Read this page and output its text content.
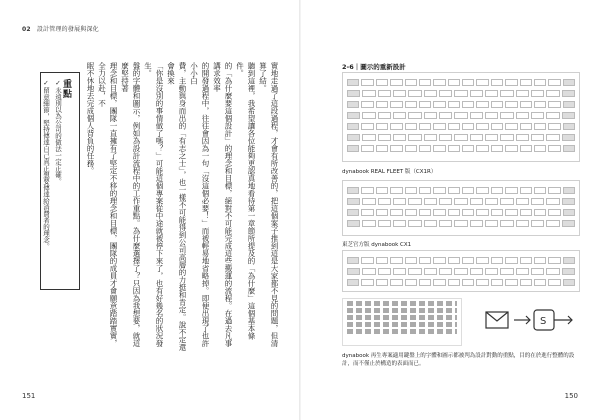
02 設計管理的發展與深化
重點
✓永遠別以為公司的做法一定正確。
✓留意細節，堅持傳達自己真正想要傳達給消費者的理念。	實地走過了這段過程，才會有所改善的，把這個案子推到這是大家都不見的問題，但清算了結。
聽到這裡，我希望讓各位能夠更認真地看待第一章節所提及的「為什麼」這個基本條件。
的「為什麼要這個設計」的理念和目標，絕對不可能完成這些搬運的流程。在過去凡事講求效率
的開發過程中，往往會因為一句「沒這個必要！」而被輕易地省略掉。即便出現了也許小小白
費，主動與身而出的「有志之士」，也一樣不可能得到公司高層的力挺和肯定。說不定還會換來
「你是沒別的事情做了嗎？」可能這個專案從中途就被停下來了，也有好幾名的狀況發生。
盤的字體和圖示，例如為設計流程中的工作重點。為什麼選擇了？只因為我想要，就這麼堅持著
理念和目標，團隊一直擁有了堅定不移的理念和目標，團隊的成員才會願意踏踏實實，全力以赴，不
眠不休地去完成個人背負的任務。
151
2-6｜圖示的重新設計
dynabook REAL FLEET 版（CX1R）
東芝官方版 dynabook CX1
S
dynabook 再生專案適用鍵盤上的字體和圖示都被判為設計對動的重點，目的在於進行整體的設計，而不僅止於構造的表面而已。
150
